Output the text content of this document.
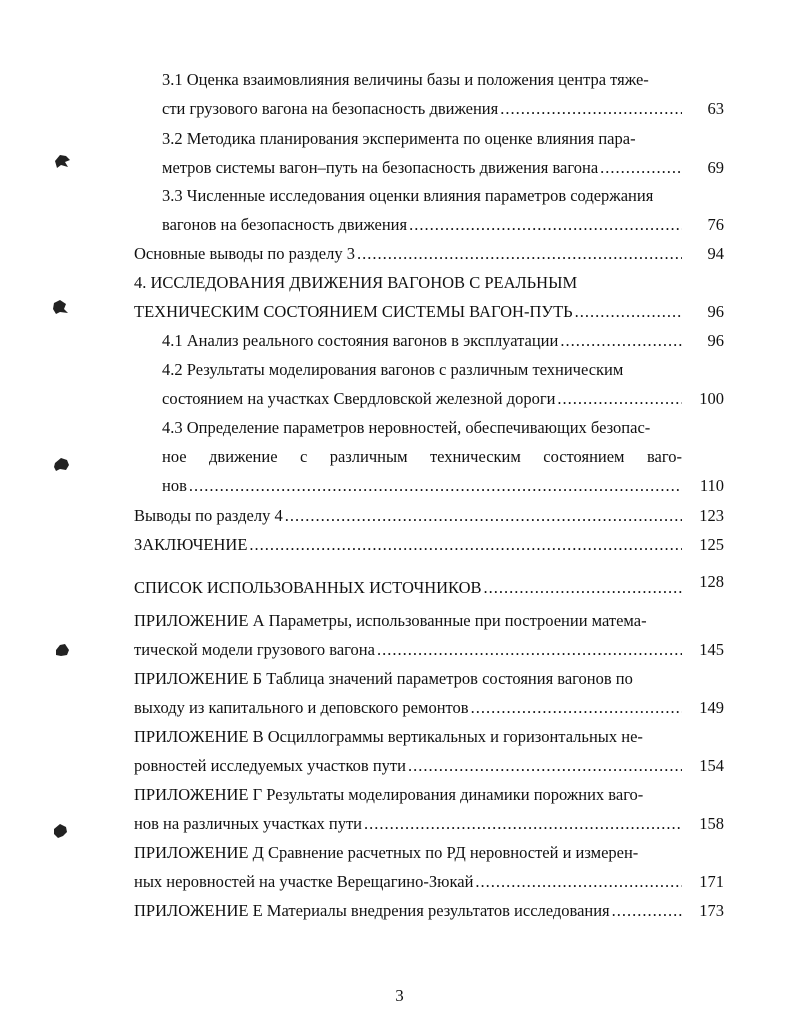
3.1 Оценка взаимовлияния величины базы и положения центра тяже-
сти грузового вагона на безопасность движения .....	63
3.2 Методика планирования эксперимента по оценке влияния пара-
метров системы вагон–путь на безопасность движения вагона .....	69
3.3 Численные исследования оценки влияния параметров содержания
вагонов на безопасность движения .....	76
Основные выводы по разделу 3 .....	94
4. ИССЛЕДОВАНИЯ ДВИЖЕНИЯ ВАГОНОВ С РЕАЛЬНЫМ
ТЕХНИЧЕСКИМ СОСТОЯНИЕМ СИСТЕМЫ ВАГОН-ПУТЬ .....	96
4.1 Анализ реального состояния вагонов в эксплуатации .....	96
4.2 Результаты моделирования вагонов с различным техническим
состоянием на участках Свердловской железной дороги .....	100
4.3 Определение параметров неровностей, обеспечивающих безопас-
ное движение с различным техническим состоянием ваго-
нов .....	110
Выводы по разделу 4 .....	123
ЗАКЛЮЧЕНИЕ .....	125
СПИСОК ИСПОЛЬЗОВАННЫХ ИСТОЧНИКОВ .....	128
ПРИЛОЖЕНИЕ А Параметры, использованные при построении матема-
тической модели грузового вагона .....	145
ПРИЛОЖЕНИЕ Б Таблица значений параметров состояния вагонов по
выходу из капитального и деповского ремонтов .....	149
ПРИЛОЖЕНИЕ В Осциллограммы вертикальных и горизонтальных не-
ровностей исследуемых участков пути .....	154
ПРИЛОЖЕНИЕ Г Результаты моделирования динамики порожних ваго-
нов на различных участках пути .....	158
ПРИЛОЖЕНИЕ Д Сравнение расчетных по РД неровностей и измерен-
ных неровностей на участке Верещагино-Зюкай .....	171
ПРИЛОЖЕНИЕ Е Материалы внедрения результатов исследования .....	173
3
